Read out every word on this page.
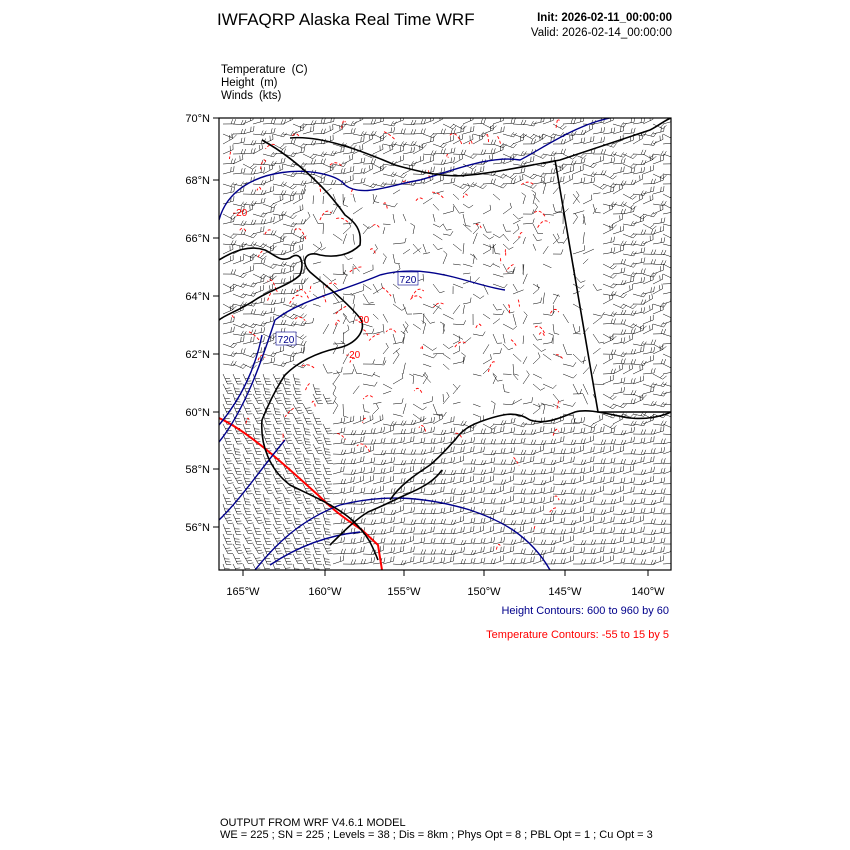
IWFAQRP Alaska Real Time WRF	Init: 2026-02-11_00:00:00
Valid: 2026-02-14_00:00:00
Temperature (C)
Height (m)
Winds (kts)
720
720
-20
-30
-20
70°N
68°N
66°N
64°N
62°N
60°N
58°N
56°N
165°W	160°W	155°W	150°W	145°W	140°W
Height Contours: 600 to 960 by 60
Temperature Contours: -55 to 15 by 5
OUTPUT FROM WRF V4.6.1 MODEL
WE = 225 ; SN = 225 ; Levels = 38 ; Dis = 8km ; Phys Opt = 8 ; PBL Opt = 1 ; Cu Opt = 3
